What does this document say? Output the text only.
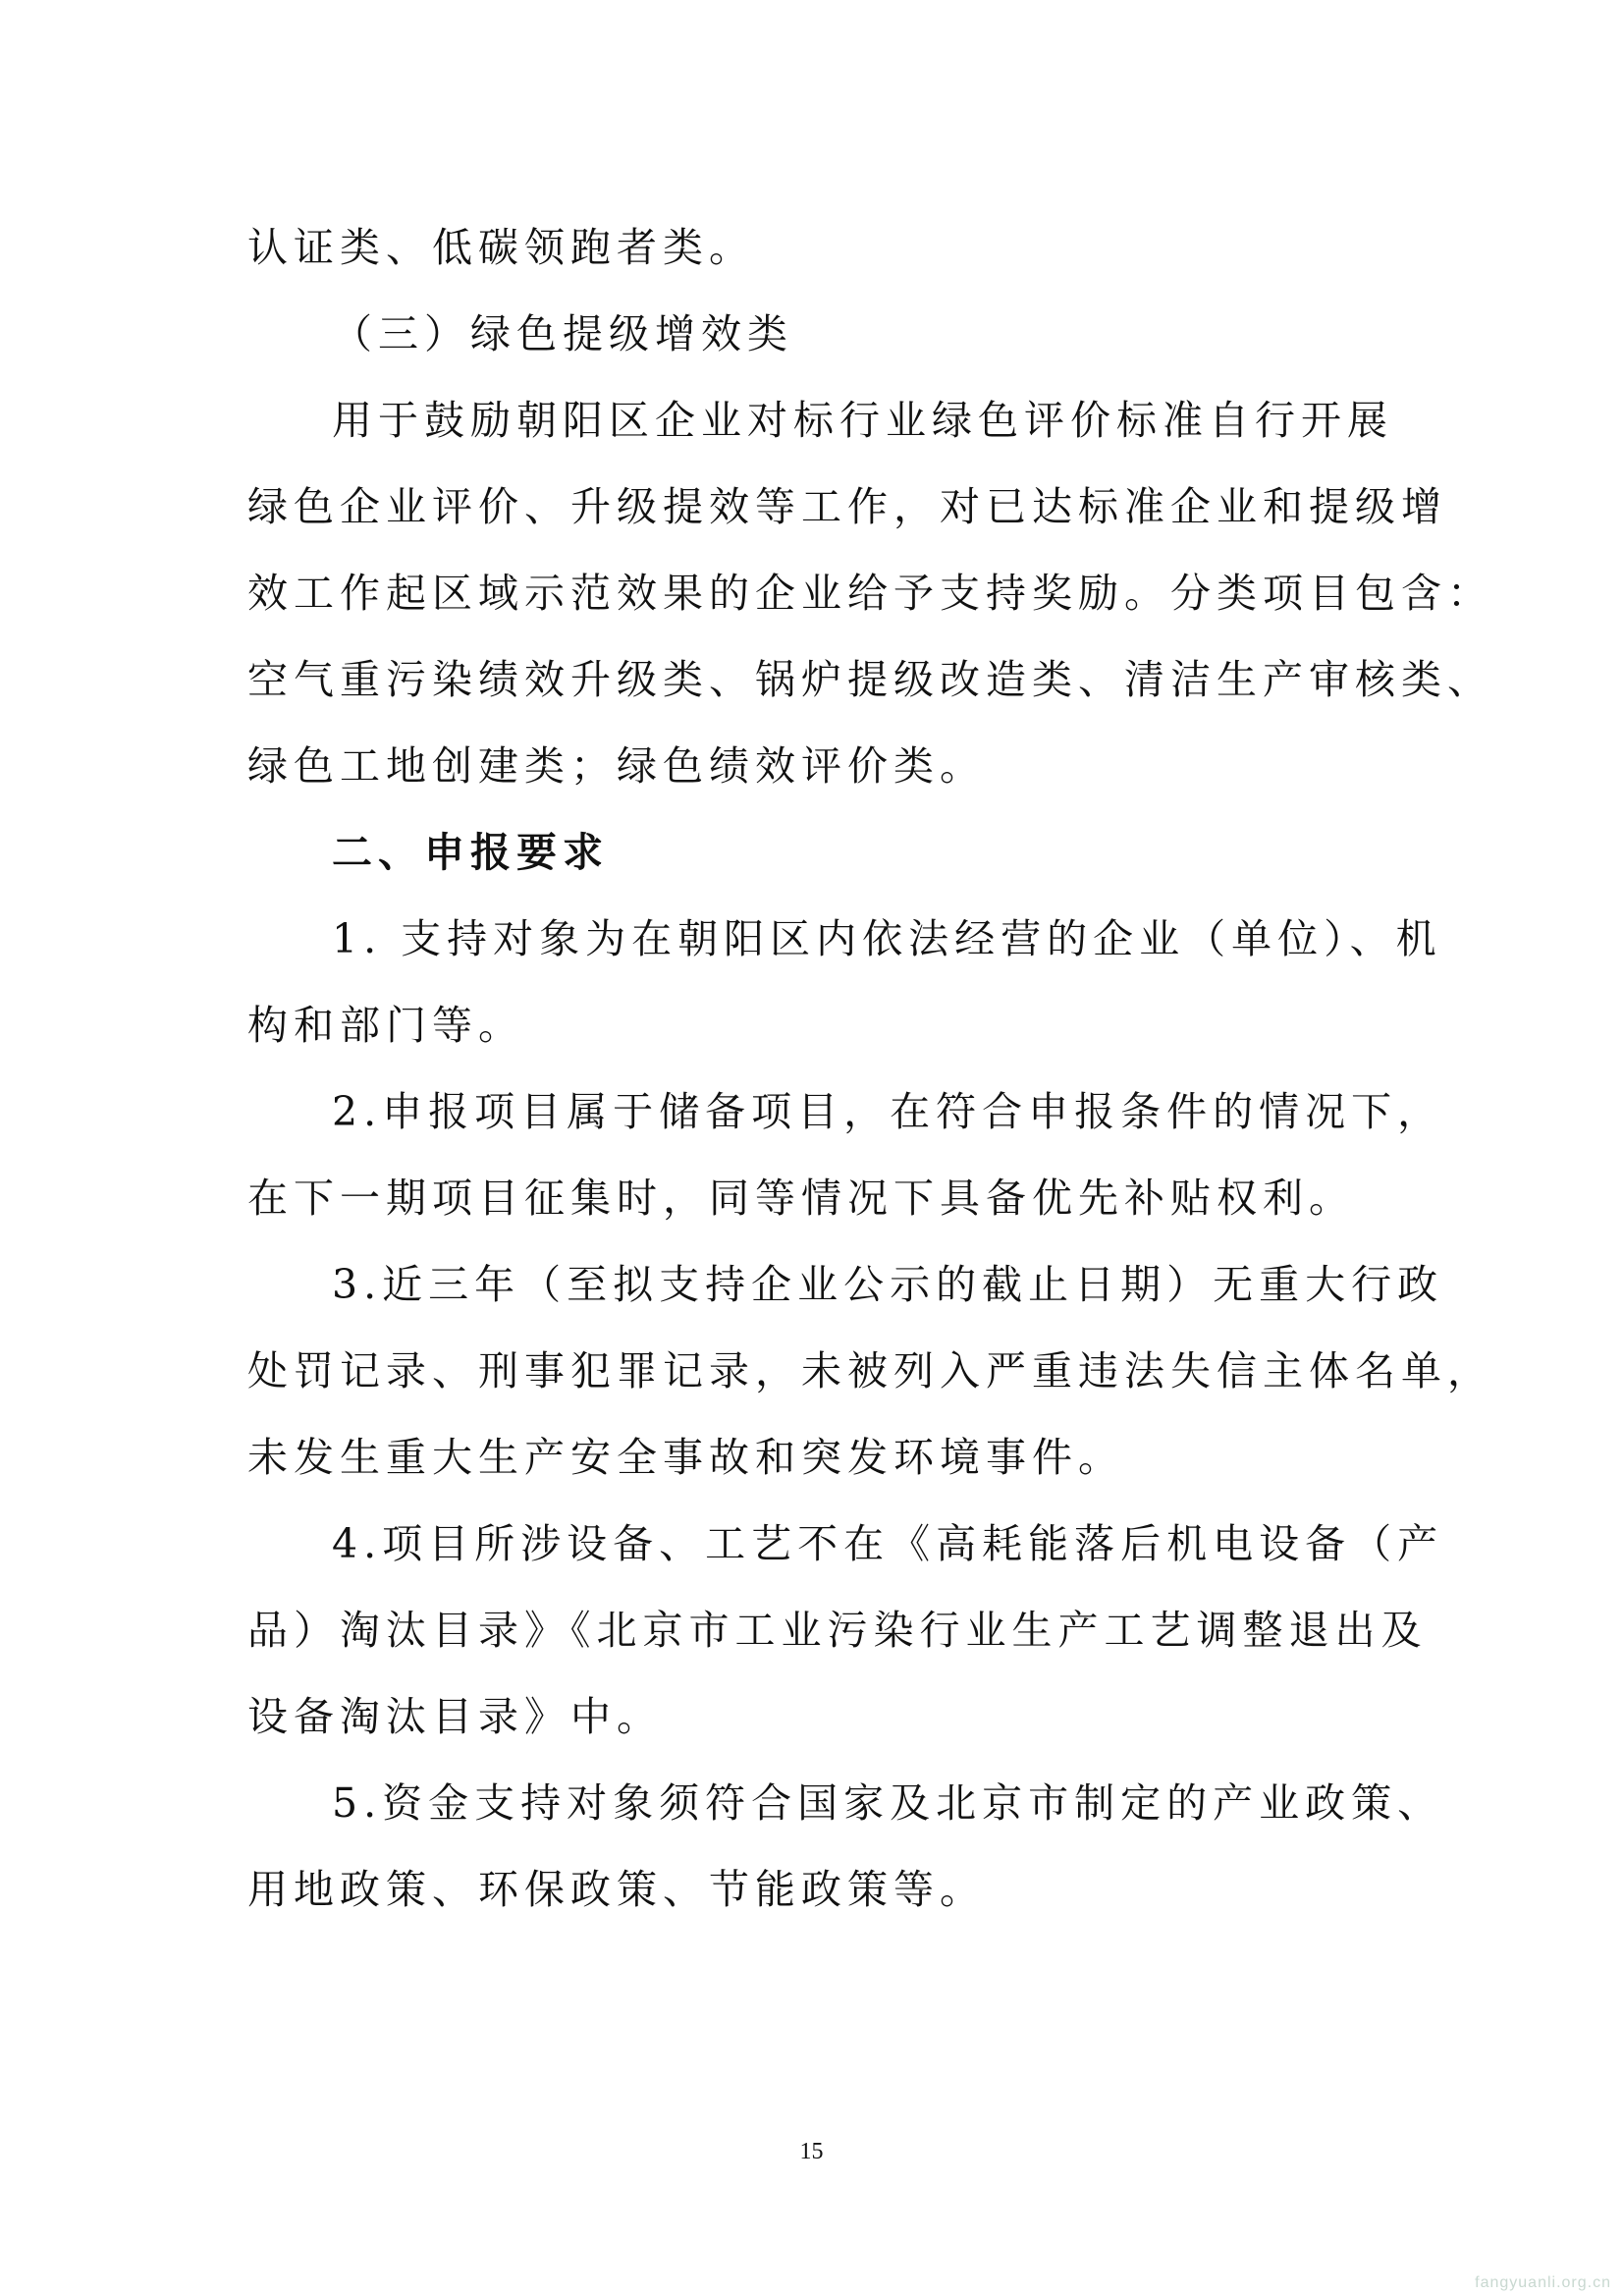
认证类、低碳领跑者类。
（三）绿色提级增效类
用于鼓励朝阳区企业对标行业绿色评价标准自行开展
绿色企业评价、升级提效等工作，对已达标准企业和提级增
效工作起区域示范效果的企业给予支持奖励。分类项目包含：
空气重污染绩效升级类、锅炉提级改造类、清洁生产审核类、
绿色工地创建类；绿色绩效评价类。
二、申报要求
1. 支持对象为在朝阳区内依法经营的企业（单位）、机
构和部门等。
2.申报项目属于储备项目，在符合申报条件的情况下，
在下一期项目征集时，同等情况下具备优先补贴权利。
3.近三年（至拟支持企业公示的截止日期）无重大行政
处罚记录、刑事犯罪记录，未被列入严重违法失信主体名单，
未发生重大生产安全事故和突发环境事件。
4.项目所涉设备、工艺不在《高耗能落后机电设备（产
品）淘汰目录》《北京市工业污染行业生产工艺调整退出及
设备淘汰目录》中。
5.资金支持对象须符合国家及北京市制定的产业政策、
用地政策、环保政策、节能政策等。
15
fangyuanli.org.cn
